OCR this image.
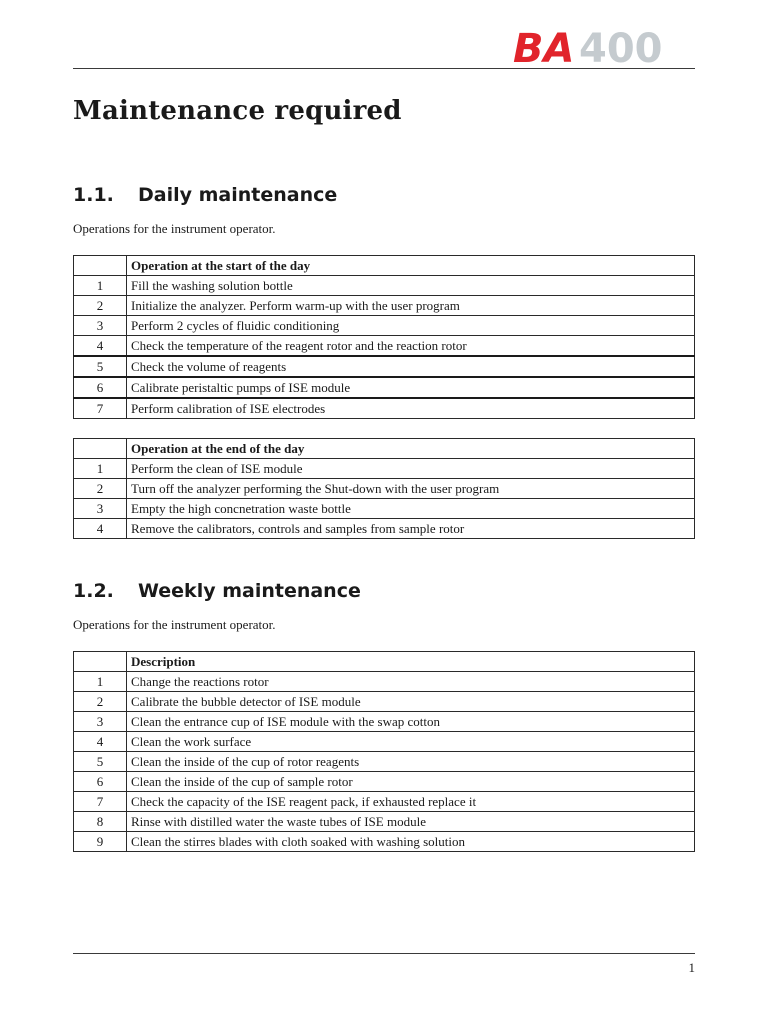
BA 400
Maintenance required
1.1.	Daily maintenance

Operations for the instrument operator.

	Operation at the start of the day
1	Fill the washing solution bottle
2	Initialize the analyzer. Perform warm-up with the user program
3	Perform 2 cycles of fluidic conditioning
4	Check the temperature of the reagent rotor and the reaction rotor
5	Check the volume of reagents
6	Calibrate peristaltic pumps of ISE module
7	Perform calibration of ISE electrodes
	Operation at the end of the day
1	Perform the clean of ISE module
2	Turn off the analyzer performing the Shut-down with the user program
3	Empty the high concnetration waste bottle
4	Remove the calibrators, controls and samples from sample rotor
1.2.	Weekly maintenance

Operations for the instrument operator.

	Description
1	Change the reactions rotor
2	Calibrate the bubble detector of ISE module
3	Clean the entrance cup of ISE module with the swap cotton
4	Clean the work surface
5	Clean the inside of the cup of rotor reagents
6	Clean the inside of the cup of sample rotor
7	Check the capacity of the ISE reagent pack, if exhausted replace it
8	Rinse with distilled water the waste tubes of ISE module
9	Clean the stirres blades with cloth soaked with washing solution
1
